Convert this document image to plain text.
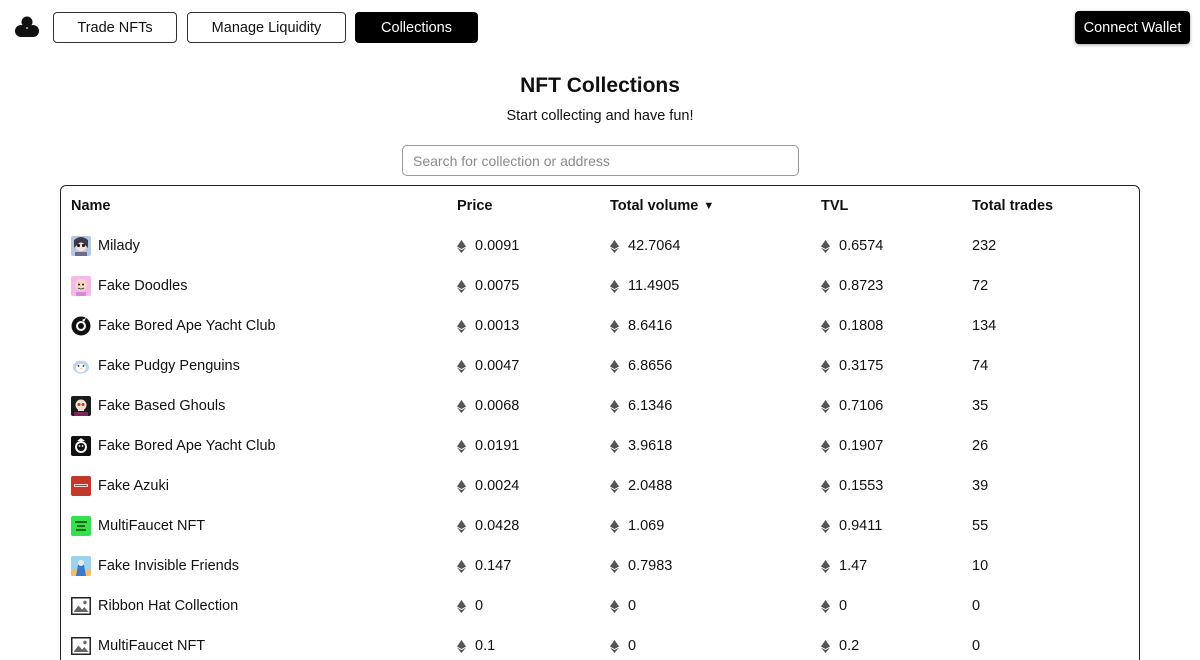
Trade NFTs	Manage Liquidity	Collections	Connect Wallet
NFT Collections

Start collecting and have fun!

Search for collection or address
Name	Price	Total volume ▼	TVL	Total trades
Milady	0.0091	42.7064	0.6574	232
Fake Doodles	0.0075	11.4905	0.8723	72
Fake Bored Ape Yacht Club	0.0013	8.6416	0.1808	134
Fake Pudgy Penguins	0.0047	6.8656	0.3175	74
Fake Based Ghouls	0.0068	6.1346	0.7106	35
Fake Bored Ape Yacht Club	0.0191	3.9618	0.1907	26
Fake Azuki	0.0024	2.0488	0.1553	39
MultiFaucet NFT	0.0428	1.069	0.9411	55
Fake Invisible Friends	0.147	0.7983	1.47	10
Ribbon Hat Collection	0	0	0	0
MultiFaucet NFT	0.1	0	0.2	0
